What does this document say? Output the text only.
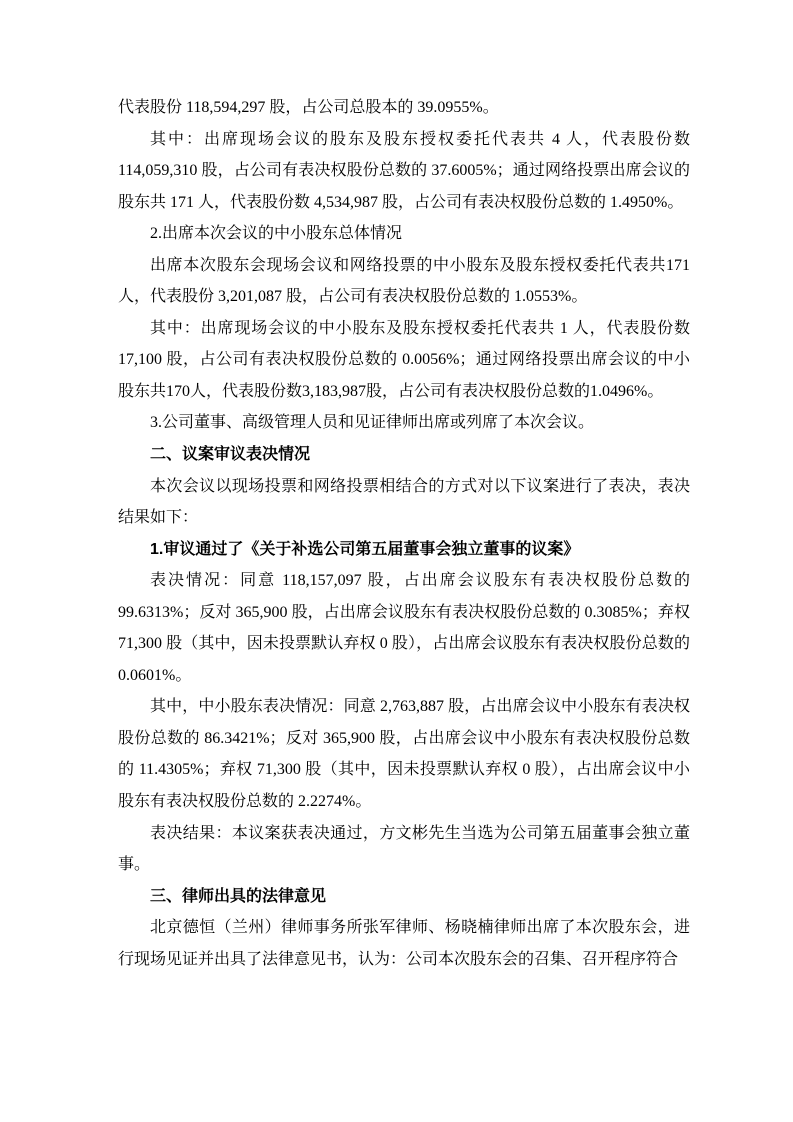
代表股份 118,594,297 股，占公司总股本的 39.0955%。

其中：出席现场会议的股东及股东授权委托代表共 4 人，代表股份数 114,059,310 股，占公司有表决权股份总数的 37.6005%；通过网络投票出席会议的股东共 171 人，代表股份数 4,534,987 股，占公司有表决权股份总数的 1.4950%。

2.出席本次会议的中小股东总体情况

出席本次股东会现场会议和网络投票的中小股东及股东授权委托代表共171人，代表股份 3,201,087 股，占公司有表决权股份总数的 1.0553%。

其中：出席现场会议的中小股东及股东授权委托代表共 1 人，代表股份数 17,100 股，占公司有表决权股份总数的 0.0056%；通过网络投票出席会议的中小股东共170人，代表股份数3,183,987股，占公司有表决权股份总数的1.0496%。

3.公司董事、高级管理人员和见证律师出席或列席了本次会议。

二、议案审议表决情况

本次会议以现场投票和网络投票相结合的方式对以下议案进行了表决，表决结果如下：

1.审议通过了《关于补选公司第五届董事会独立董事的议案》

表决情况：同意 118,157,097 股，占出席会议股东有表决权股份总数的 99.6313%；反对 365,900 股，占出席会议股东有表决权股份总数的 0.3085%；弃权 71,300 股（其中，因未投票默认弃权 0 股），占出席会议股东有表决权股份总数的 0.0601%。

其中，中小股东表决情况：同意 2,763,887 股，占出席会议中小股东有表决权股份总数的 86.3421%；反对 365,900 股，占出席会议中小股东有表决权股份总数的 11.4305%；弃权 71,300 股（其中，因未投票默认弃权 0 股），占出席会议中小股东有表决权股份总数的 2.2274%。

表决结果：本议案获表决通过，方文彬先生当选为公司第五届董事会独立董事。

三、律师出具的法律意见

北京德恒（兰州）律师事务所张军律师、杨晓楠律师出席了本次股东会，进行现场见证并出具了法律意见书，认为：公司本次股东会的召集、召开程序符合
